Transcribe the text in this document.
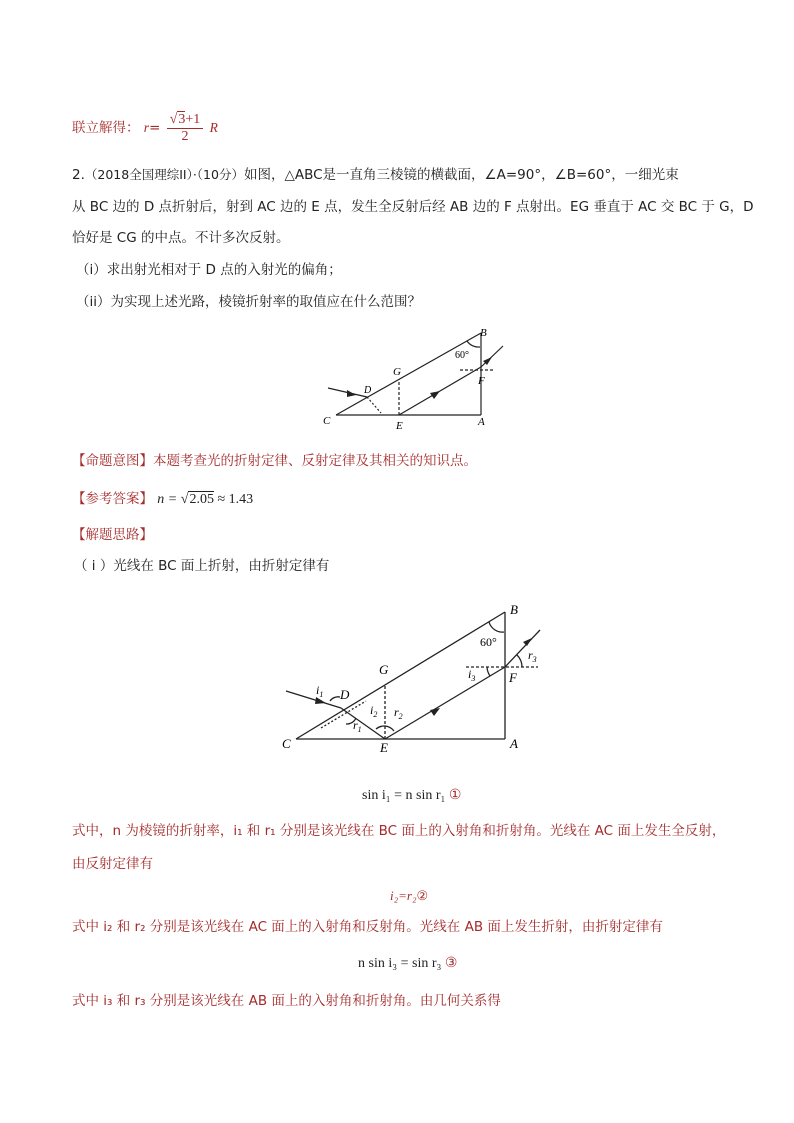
联立解得： $r= \frac{√3+1}{2}$ R
2.（2018全国理综II）·（10分）如图，△ABC是一直角三棱镜的横截面，∠A=90°，∠B=60°，一细光束
从 BC 边的 D 点折射后，射到 AC 边的 E 点，发生全反射后经 AB 边的 F 点射出。EG 垂直于 AC 交 BC 于 G，D
恰好是 CG 的中点。不计多次反射。
（i）求出射光相对于 D 点的入射光的偏角；
（ii）为实现上述光路，棱镜折射率的取值应在什么范围？
C	E	A
B
G
D
F
60°
【命题意图】本题考查光的折射定律、反射定律及其相关的知识点。
【参考答案】 n = √2.05 ≈ 1.43
【解题思路】
（ i ）光线在 BC 面上折射，由折射定律有
C	E	A
B
G
D
F
60°
$i_1$
$r_1$
$i_2$ $r_2$
$i_3$
$r_3$
sin i₁ = n sin r₁ ①
式中，n 为棱镜的折射率，i₁ 和 r₁ 分别是该光线在 BC 面上的入射角和折射角。光线在 AC 面上发生全反射，
由反射定律有
i₂=r₂②
式中 i₂ 和 r₂ 分别是该光线在 AC 面上的入射角和反射角。光线在 AB 面上发生折射，由折射定律有
n sin i₃ = sin r₃ ③
式中 i₃ 和 r₃ 分别是该光线在 AB 面上的入射角和折射角。由几何关系得
